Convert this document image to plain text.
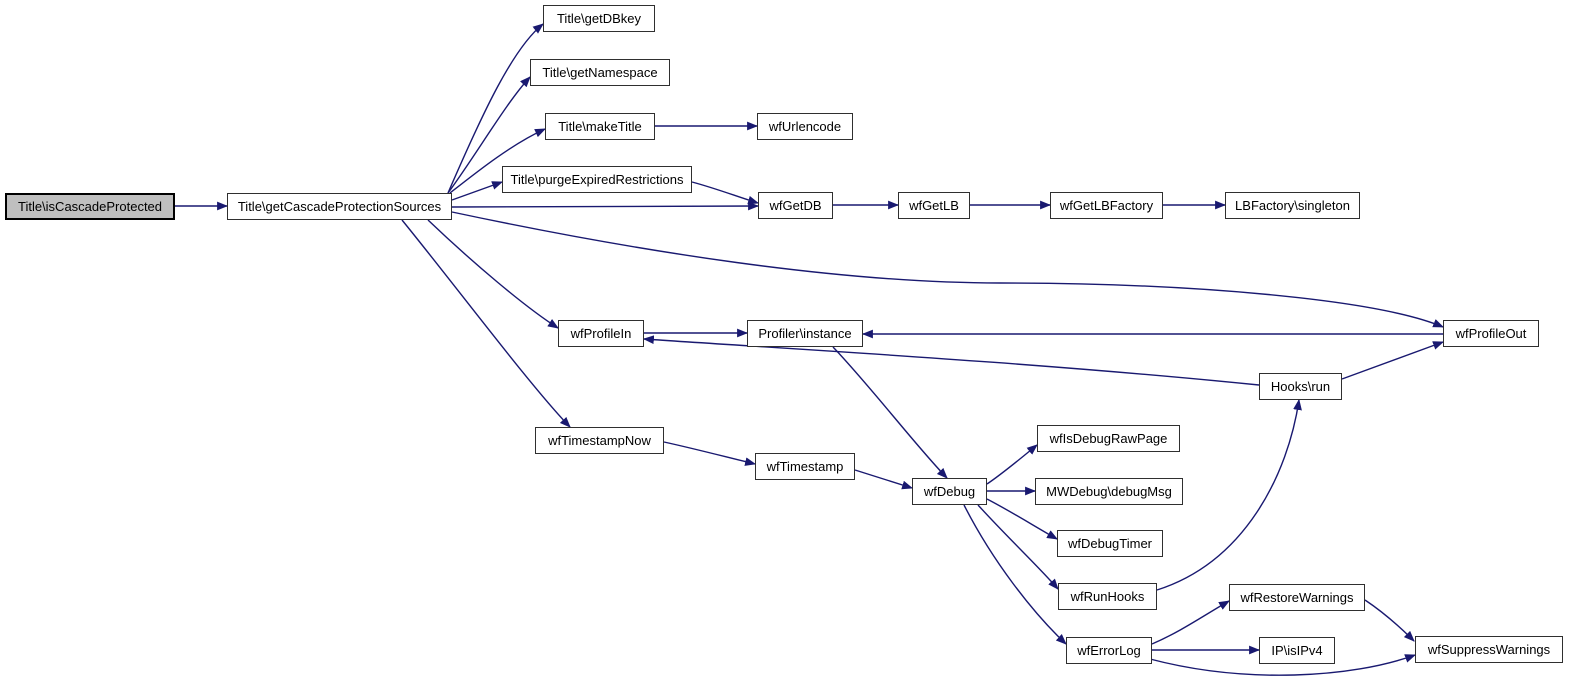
Title\isCascadeProtected	Title\getCascadeProtectionSources
Title\getDBkey
Title\getNamespace
Title\makeTitle	wfUrlencode
Title\purgeExpiredRestrictions
wfGetDB	wfGetLB	wfGetLBFactory	LBFactory\singleton
wfProfileIn	Profiler\instance	wfProfileOut
Hooks\run
wfTimestampNow
wfTimestamp
wfDebug
wfIsDebugRawPage
MWDebug\debugMsg
wfDebugTimer
wfRunHooks
wfErrorLog
wfRestoreWarnings
IP\isIPv4	wfSuppressWarnings
